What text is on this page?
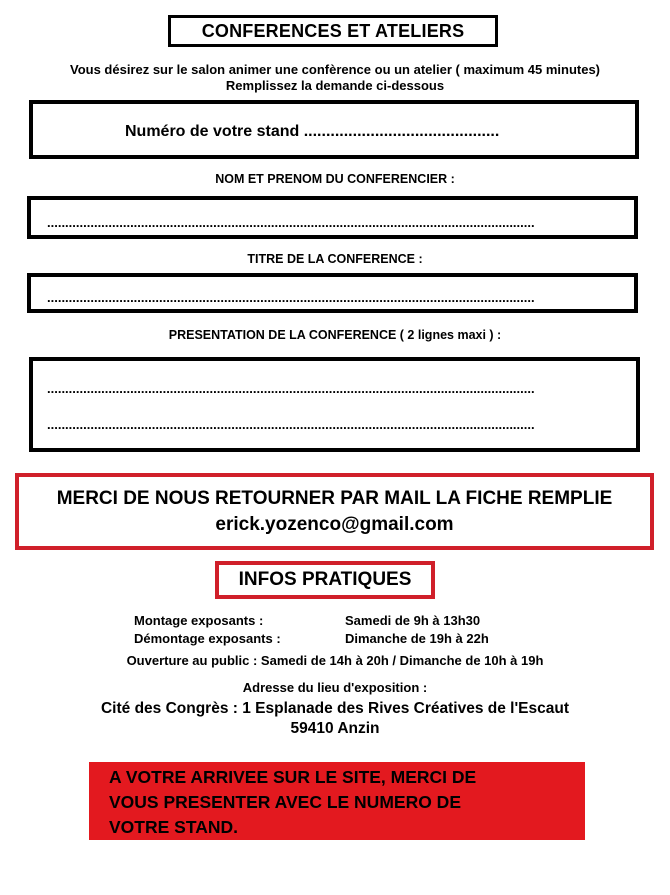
CONFERENCES ET ATELIERS
Vous désirez sur le salon animer une confèrence ou un atelier ( maximum 45 minutes)
Remplissez la demande ci-dessous
Numéro de votre stand ............................................
NOM ET PRENOM DU CONFERENCIER :
.......................................................................................................................................
TITRE DE LA CONFERENCE :
.......................................................................................................................................
PRESENTATION DE LA CONFERENCE ( 2 lignes maxi ) :
.......................................................................................................................................
.......................................................................................................................................
MERCI DE NOUS RETOURNER PAR MAIL LA FICHE REMPLIE
erick.yozenco@gmail.com
INFOS PRATIQUES
Montage exposants :	Samedi de 9h à 13h30
Démontage exposants :	Dimanche de 19h à 22h
Ouverture au public : Samedi de 14h à 20h / Dimanche de 10h à 19h
Adresse du lieu d'exposition :
Cité des Congrès : 1 Esplanade des Rives Créatives de l'Escaut
59410 Anzin
A VOTRE ARRIVEE SUR LE SITE, MERCI DE
VOUS PRESENTER AVEC LE NUMERO DE
VOTRE STAND.
